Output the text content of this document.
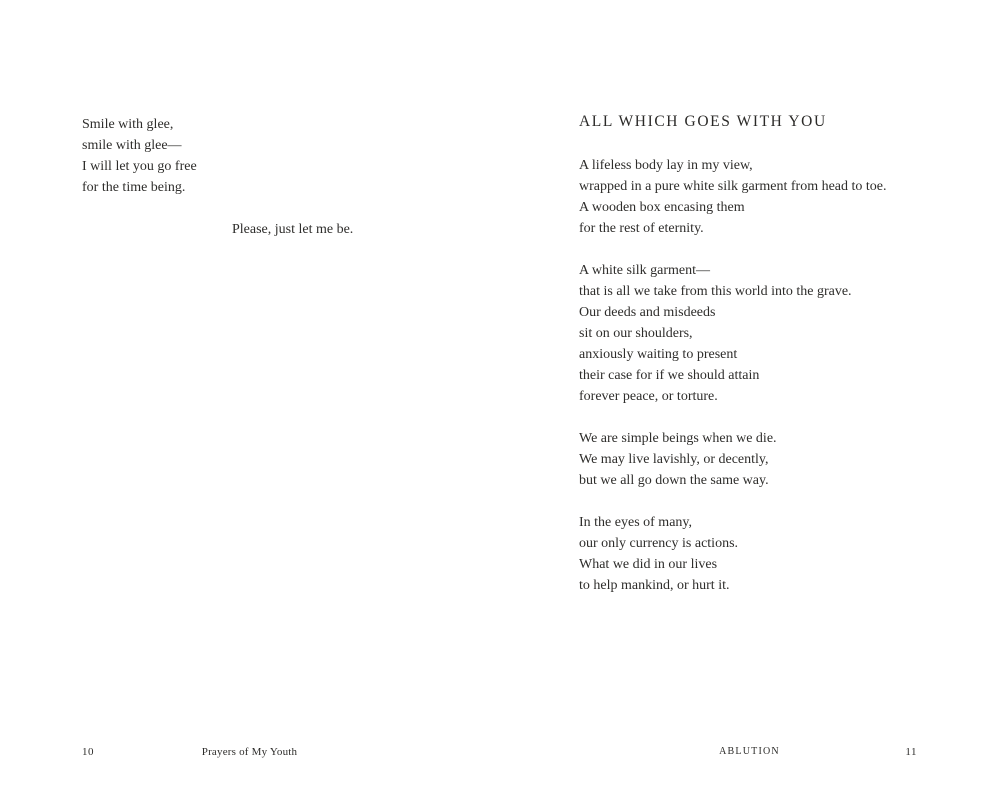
Smile with glee,
smile with glee—
I will let you go free
for the time being.
Please, just let me be.
10	Prayers of My Youth
ALL WHICH GOES WITH YOU
A lifeless body lay in my view,
wrapped in a pure white silk garment from head to toe.
A wooden box encasing them
for the rest of eternity.
A white silk garment—
that is all we take from this world into the grave.
Our deeds and misdeeds
sit on our shoulders,
anxiously waiting to present
their case for if we should attain
forever peace, or torture.
We are simple beings when we die.
We may live lavishly, or decently,
but we all go down the same way.
In the eyes of many,
our only currency is actions.
What we did in our lives
to help mankind, or hurt it.
ABLUTION	11
